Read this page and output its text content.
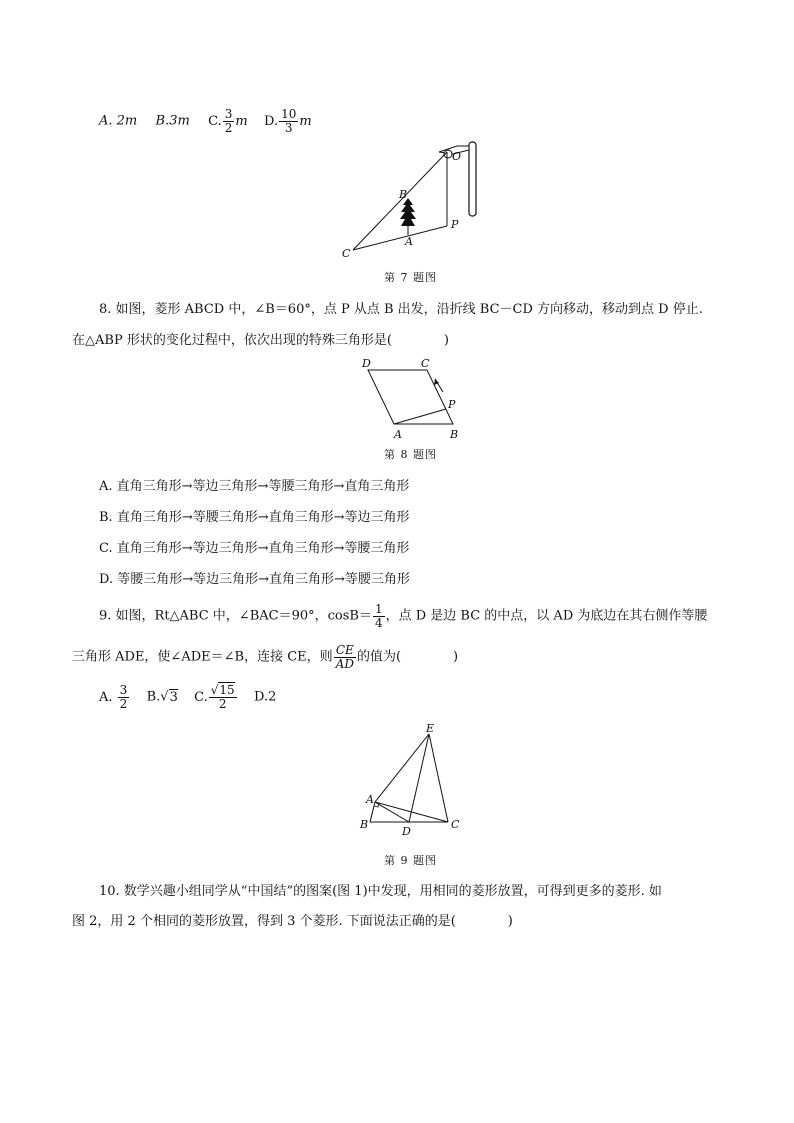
A. 2m B.3m C. $\frac{3}{2}$ m D. $\frac{10}{3}$ m
O
B
P
A
C
第 7 题图
8. 如图，菱形 ABCD 中，∠B＝60°，点 P 从点 B 出发，沿折线 BC－CD 方向移动，移动到点 D 停止.
在△ABP 形状的变化过程中，依次出现的特殊三角形是(　　　　)
D	C
P
A	B
第 8 题图
A. 直角三角形→等边三角形→等腰三角形→直角三角形
B. 直角三角形→等腰三角形→直角三角形→等边三角形
C. 直角三角形→等边三角形→直角三角形→等腰三角形
D. 等腰三角形→等边三角形→直角三角形→等腰三角形
9. 如图，Rt△ABC 中，∠BAC＝90°，$\cos B= \frac{1}{4}$ ，点 D 是边 BC 的中点，以 AD 为底边在其右侧作等腰
三角形 ADE，使∠ADE＝∠B，连接 CE，则 $\frac{CE}{AD}$ 的值为(　　　　)
A. $\frac{3}{2} B.√3$ C. $\frac{√15}{2} D.2$
E
A
B
D
C
第 9 题图
10. 数学兴趣小组同学从“中国结”的图案(图 1)中发现，用相同的菱形放置，可得到更多的菱形. 如
图 2，用 2 个相同的菱形放置，得到 3 个菱形. 下面说法正确的是(　　　　)
